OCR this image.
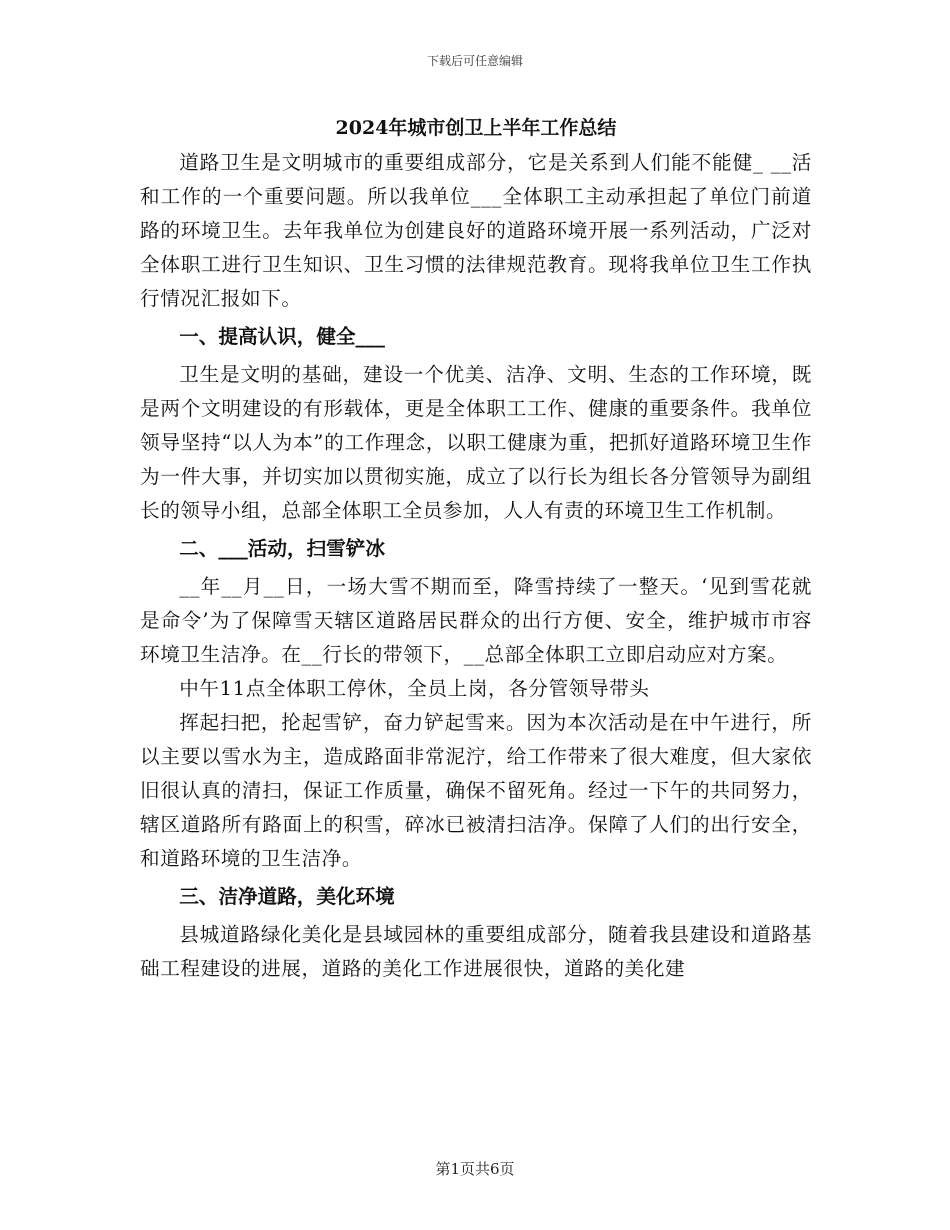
下载后可任意编辑
2024年城市创卫上半年工作总结

道路卫生是文明城市的重要组成部分，它是关系到人们能不能健_ __活和工作的一个重要问题。所以我单位___全体职工主动承担起了单位门前道路的环境卫生。去年我单位为创建良好的道路环境开展一系列活动，广泛对全体职工进行卫生知识、卫生习惯的法律规范教育。现将我单位卫生工作执行情况汇报如下。

一、提高认识，健全___

卫生是文明的基础，建设一个优美、洁净、文明、生态的工作环境，既是两个文明建设的有形载体，更是全体职工工作、健康的重要条件。我单位领导坚持“以人为本”的工作理念，以职工健康为重，把抓好道路环境卫生作为一件大事，并切实加以贯彻实施，成立了以行长为组长各分管领导为副组长的领导小组，总部全体职工全员参加，人人有责的环境卫生工作机制。

二、___活动，扫雪铲冰

__年__月__日，一场大雪不期而至，降雪持续了一整天。‘见到雪花就是命令’为了保障雪天辖区道路居民群众的出行方便、安全，维护城市市容环境卫生洁净。在__行长的带领下，__总部全体职工立即启动应对方案。

中午11点全体职工停休，全员上岗，各分管领导带头

挥起扫把，抡起雪铲，奋力铲起雪来。因为本次活动是在中午进行，所以主要以雪水为主，造成路面非常泥泞，给工作带来了很大难度，但大家依旧很认真的清扫，保证工作质量，确保不留死角。经过一下午的共同努力，辖区道路所有路面上的积雪，碎冰已被清扫洁净。保障了人们的出行安全，和道路环境的卫生洁净。

三、洁净道路，美化环境

县城道路绿化美化是县域园林的重要组成部分，随着我县建设和道路基础工程建设的进展，道路的美化工作进展很快，道路的美化建

第1页共6页
